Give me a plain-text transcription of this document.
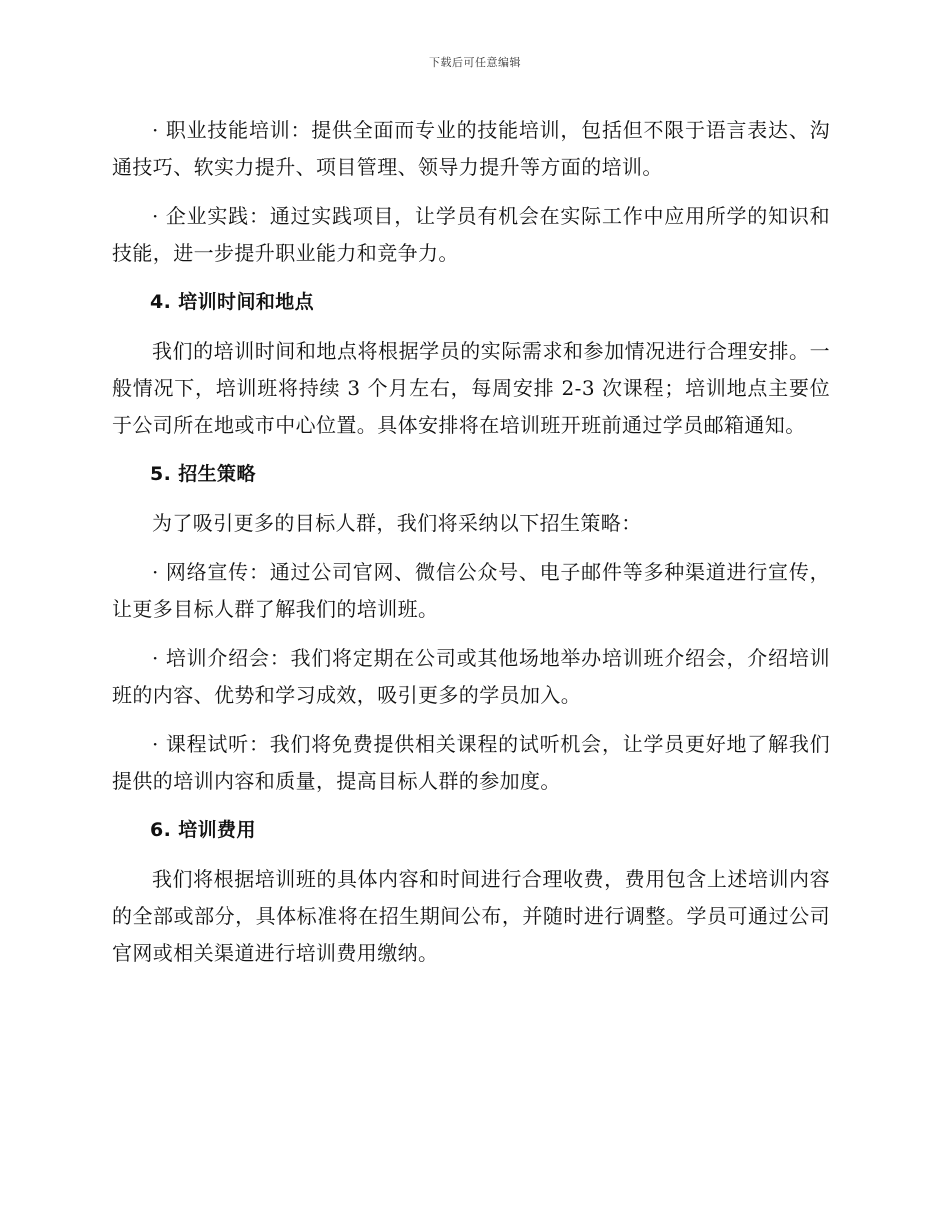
下载后可任意编辑

· 职业技能培训：提供全面而专业的技能培训，包括但不限于语言表达、沟通技巧、软实力提升、项目管理、领导力提升等方面的培训。

· 企业实践：通过实践项目，让学员有机会在实际工作中应用所学的知识和技能，进一步提升职业能力和竞争力。

4. 培训时间和地点

我们的培训时间和地点将根据学员的实际需求和参加情况进行合理安排。一般情况下，培训班将持续 3 个月左右，每周安排 2-3 次课程；培训地点主要位于公司所在地或市中心位置。具体安排将在培训班开班前通过学员邮箱通知。

5. 招生策略

为了吸引更多的目标人群，我们将采纳以下招生策略：

· 网络宣传：通过公司官网、微信公众号、电子邮件等多种渠道进行宣传，让更多目标人群了解我们的培训班。

· 培训介绍会：我们将定期在公司或其他场地举办培训班介绍会，介绍培训班的内容、优势和学习成效，吸引更多的学员加入。

· 课程试听：我们将免费提供相关课程的试听机会，让学员更好地了解我们提供的培训内容和质量，提高目标人群的参加度。

6. 培训费用

我们将根据培训班的具体内容和时间进行合理收费，费用包含上述培训内容的全部或部分，具体标准将在招生期间公布，并随时进行调整。学员可通过公司官网或相关渠道进行培训费用缴纳。
